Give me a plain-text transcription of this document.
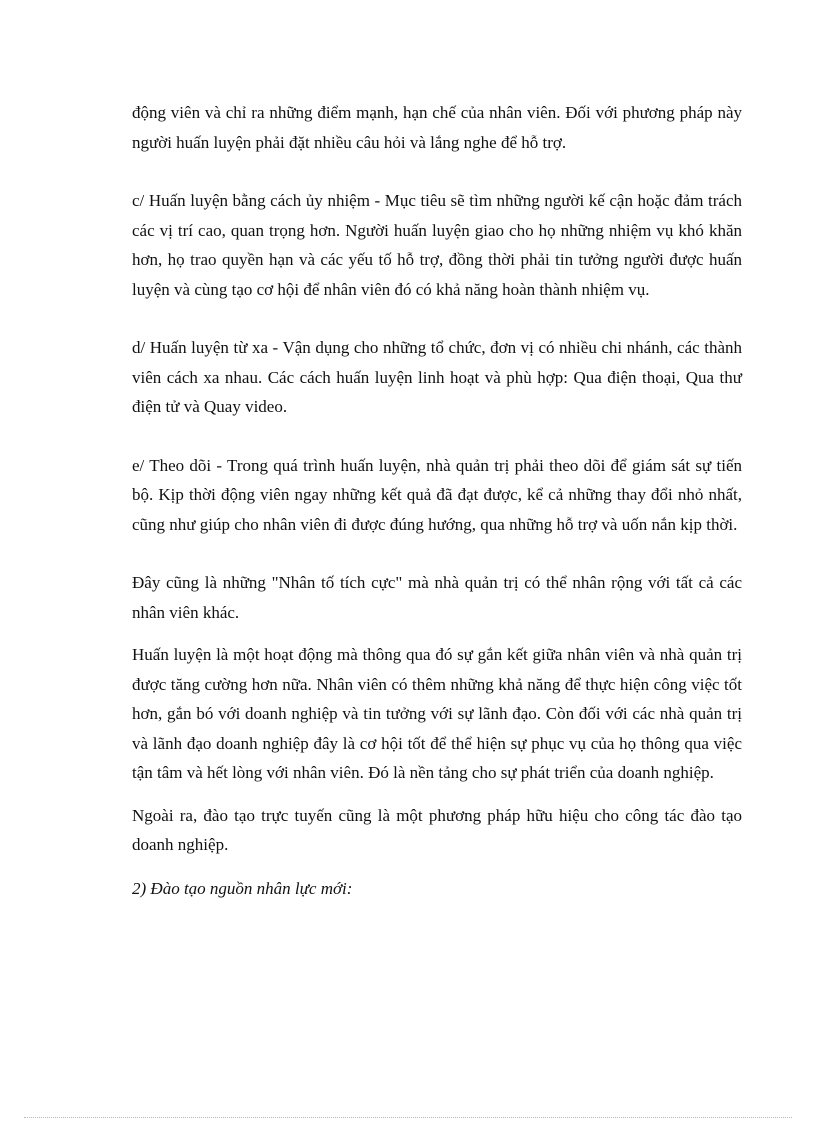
động viên và chỉ ra những điểm mạnh, hạn chế của nhân viên. Đối với phương pháp này người huấn luyện phải đặt nhiều câu hỏi và lắng nghe để hỗ trợ.

c/ Huấn luyện bằng cách ủy nhiệm - Mục tiêu sẽ tìm những người kế cận hoặc đảm trách các vị trí cao, quan trọng hơn. Người huấn luyện giao cho họ những nhiệm vụ khó khăn hơn, họ trao quyền hạn và các yếu tố hỗ trợ, đồng thời phải tin tưởng người được huấn luyện và cùng tạo cơ hội để nhân viên đó có khả năng hoàn thành nhiệm vụ.

d/ Huấn luyện từ xa - Vận dụng cho những tổ chức, đơn vị có nhiều chi nhánh, các thành viên cách xa nhau. Các cách huấn luyện linh hoạt và phù hợp: Qua điện thoại, Qua thư điện tử và Quay video.

e/ Theo dõi - Trong quá trình huấn luyện, nhà quản trị phải theo dõi để giám sát sự tiến bộ. Kịp thời động viên ngay những kết quả đã đạt được, kể cả những thay đổi nhỏ nhất, cũng như giúp cho nhân viên đi được đúng hướng, qua những hỗ trợ và uốn nắn kịp thời.

Đây cũng là những "Nhân tố tích cực" mà nhà quản trị có thể nhân rộng với tất cả các nhân viên khác.

Huấn luyện là một hoạt động mà thông qua đó sự gắn kết giữa nhân viên và nhà quản trị được tăng cường hơn nữa. Nhân viên có thêm những khả năng để thực hiện công việc tốt hơn, gắn bó với doanh nghiệp và tin tưởng với sự lãnh đạo. Còn đối với các nhà quản trị và lãnh đạo doanh nghiệp đây là cơ hội tốt để thể hiện sự phục vụ của họ thông qua việc tận tâm và hết lòng với nhân viên. Đó là nền tảng cho sự phát triển của doanh nghiệp.

Ngoài ra, đào tạo trực tuyến cũng là một phương pháp hữu hiệu cho công tác đào tạo doanh nghiệp.

2) Đào tạo nguồn nhân lực mới:
